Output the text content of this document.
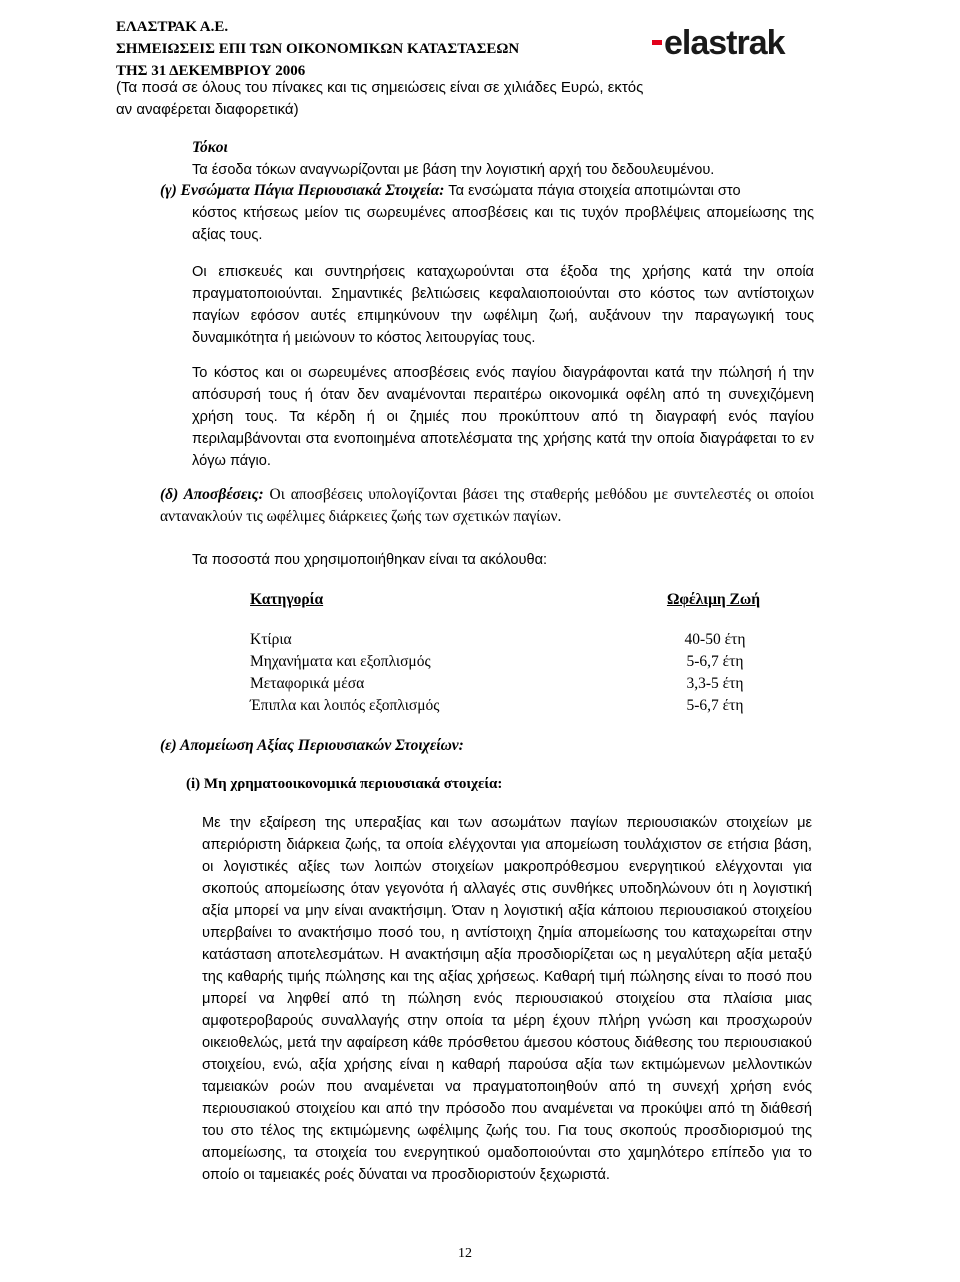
ΕΛΑΣΤΡΑΚ Α.Ε.
ΣΗΜΕΙΩΣΕΙΣ ΕΠΙ ΤΩΝ ΟΙΚΟΝΟΜΙΚΩΝ ΚΑΤΑΣΤΑΣΕΩΝ
ΤΗΣ 31 ΔΕΚΕΜΒΡΙΟΥ 2006
(Τα ποσά σε όλους του πίνακες και τις σημειώσεις είναι σε χιλιάδες Ευρώ, εκτός αν αναφέρεται διαφορετικά)
elastrak
Τόκοι
Τα έσοδα τόκων αναγνωρίζονται με βάση την λογιστική αρχή του δεδουλευμένου.
(γ) Ενσώματα Πάγια Περιουσιακά Στοιχεία: Τα ενσώματα πάγια στοιχεία αποτιμώνται στο
κόστος κτήσεως μείον τις σωρευμένες αποσβέσεις και τις τυχόν προβλέψεις απομείωσης της αξίας τους.
Οι επισκευές και συντηρήσεις καταχωρούνται στα έξοδα της χρήσης κατά την οποία πραγματοποιούνται. Σημαντικές βελτιώσεις κεφαλαιοποιούνται στο κόστος των αντίστοιχων παγίων εφόσον αυτές επιμηκύνουν την ωφέλιμη ζωή, αυξάνουν την παραγωγική τους δυναμικότητα ή μειώνουν το κόστος λειτουργίας τους.
Το κόστος και οι σωρευμένες αποσβέσεις ενός παγίου διαγράφονται κατά την πώλησή ή την απόσυρσή τους ή όταν δεν αναμένονται περαιτέρω οικονομικά οφέλη από τη συνεχιζόμενη χρήση τους. Τα κέρδη ή οι ζημιές που προκύπτουν από τη διαγραφή ενός παγίου περιλαμβάνονται στα ενοποιημένα αποτελέσματα της χρήσης κατά την οποία διαγράφεται το εν λόγω πάγιο.
(δ) Αποσβέσεις: Οι αποσβέσεις υπολογίζονται βάσει της σταθερής μεθόδου με συντελεστές οι οποίοι αντανακλούν τις ωφέλιμες διάρκειες ζωής των σχετικών παγίων.
Τα ποσοστά που χρησιμοποιήθηκαν είναι τα ακόλουθα:
Κατηγορία	Ωφέλιμη Ζωή
Κτίρια	40-50 έτη
Μηχανήματα και εξοπλισμός	5-6,7 έτη
Μεταφορικά μέσα	3,3-5 έτη
Έπιπλα και λοιπός εξοπλισμός	5-6,7 έτη
(ε) Απομείωση Αξίας Περιουσιακών Στοιχείων:
(i) Μη χρηματοοικονομικά περιουσιακά στοιχεία:
Με την εξαίρεση της υπεραξίας και των ασωμάτων παγίων περιουσιακών στοιχείων με απεριόριστη διάρκεια ζωής, τα οποία ελέγχονται για απομείωση τουλάχιστον σε ετήσια βάση, οι λογιστικές αξίες των λοιπών στοιχείων μακροπρόθεσμου ενεργητικού ελέγχονται για σκοπούς απομείωσης όταν γεγονότα ή αλλαγές στις συνθήκες υποδηλώνουν ότι η λογιστική αξία μπορεί να μην είναι ανακτήσιμη. Όταν η λογιστική αξία κάποιου περιουσιακού στοιχείου υπερβαίνει το ανακτήσιμο ποσό του, η αντίστοιχη ζημία απομείωσης του καταχωρείται στην κατάσταση αποτελεσμάτων. Η ανακτήσιμη αξία προσδιορίζεται ως η μεγαλύτερη αξία μεταξύ της καθαρής τιμής πώλησης και της αξίας χρήσεως. Καθαρή τιμή πώλησης είναι το ποσό που μπορεί να ληφθεί από τη πώληση ενός περιουσιακού στοιχείου στα πλαίσια μιας αμφοτεροβαρούς συναλλαγής στην οποία τα μέρη έχουν πλήρη γνώση και προσχωρούν οικειοθελώς, μετά την αφαίρεση κάθε πρόσθετου άμεσου κόστους διάθεσης του περιουσιακού στοιχείου, ενώ, αξία χρήσης είναι η καθαρή παρούσα αξία των εκτιμώμενων μελλοντικών ταμειακών ροών που αναμένεται να πραγματοποιηθούν από τη συνεχή χρήση ενός περιουσιακού στοιχείου και από την πρόσοδο που αναμένεται να προκύψει από τη διάθεσή του στο τέλος της εκτιμώμενης ωφέλιμης ζωής του. Για τους σκοπούς προσδιορισμού της απομείωσης, τα στοιχεία του ενεργητικού ομαδοποιούνται στο χαμηλότερο επίπεδο για το οποίο οι ταμειακές ροές δύναται να προσδιοριστούν ξεχωριστά.
12
